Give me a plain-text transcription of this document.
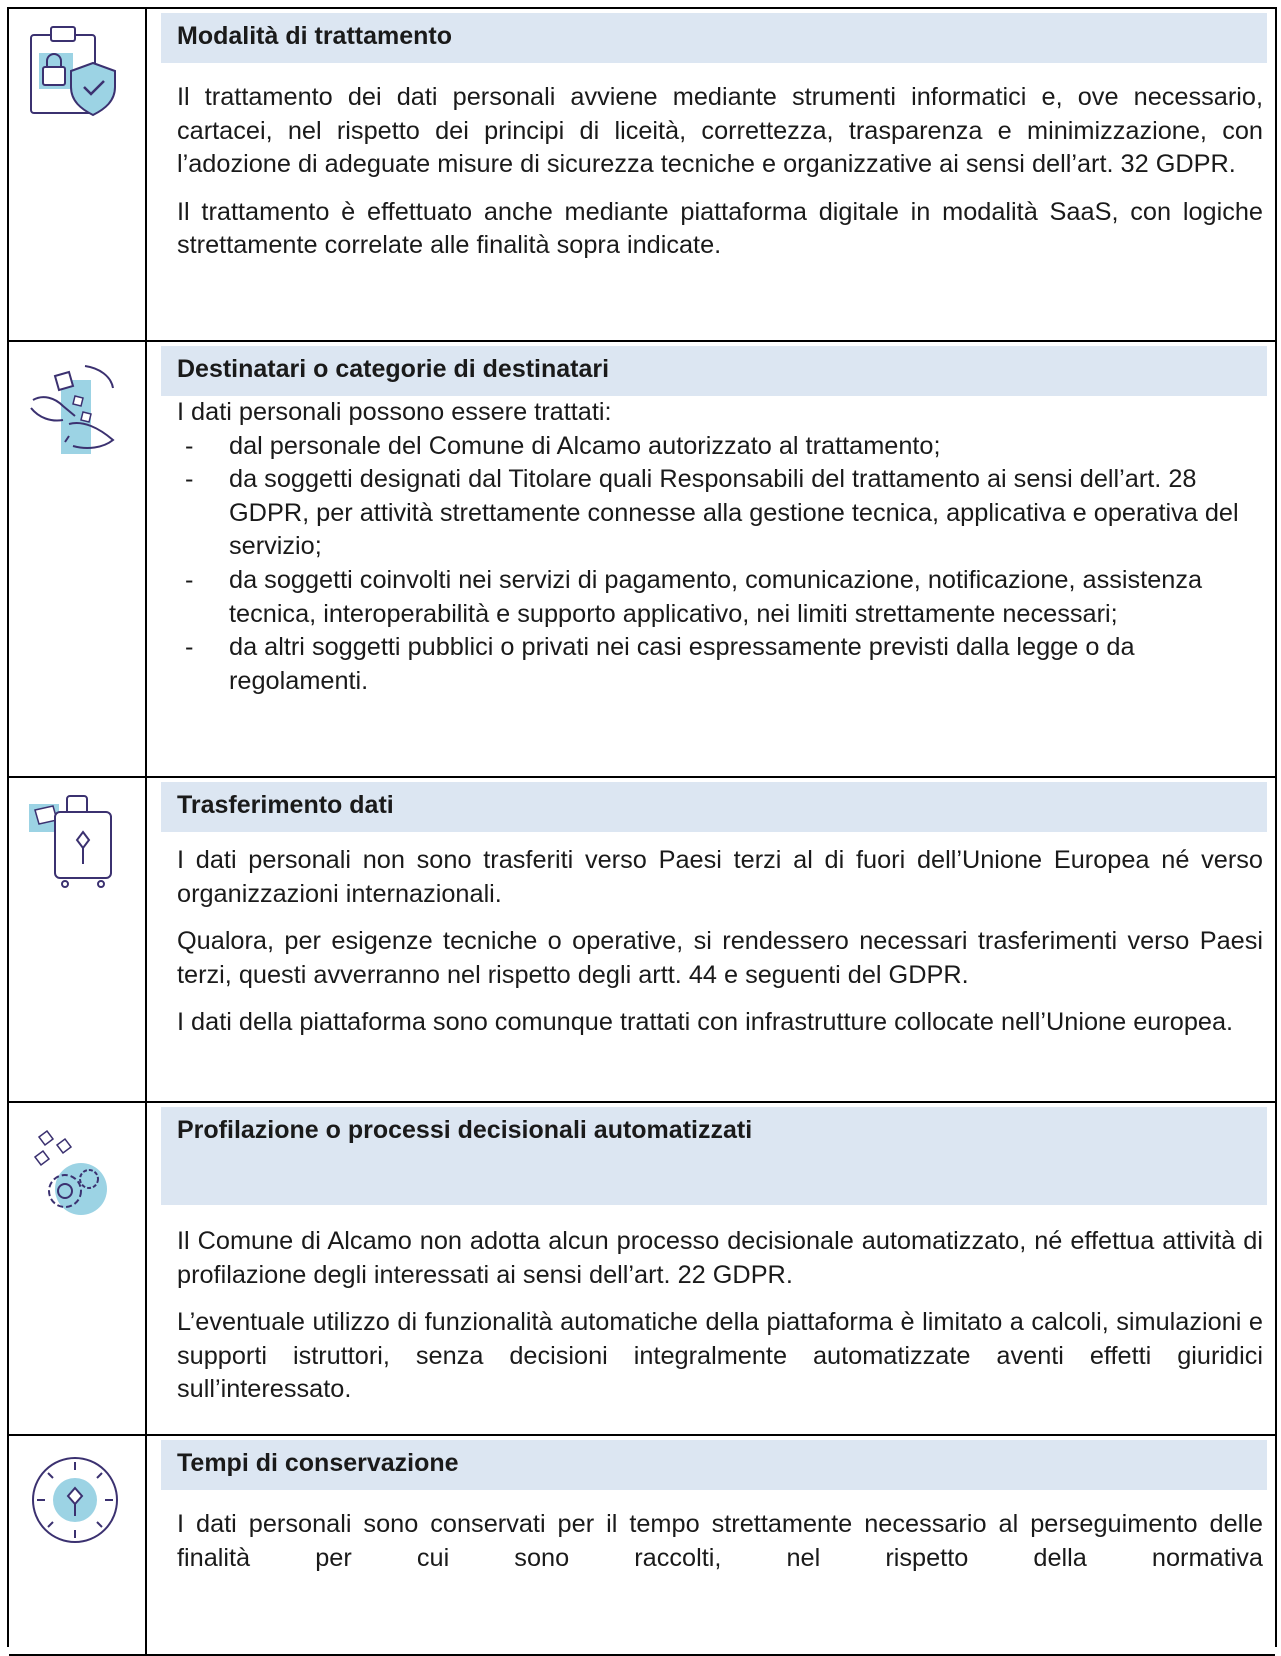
Modalità di trattamento

Il trattamento dei dati personali avviene mediante strumenti informatici e, ove necessario, cartacei, nel rispetto dei principi di liceità, correttezza, trasparenza e minimizzazione, con l’adozione di adeguate misure di sicurezza tecniche e organizzative ai sensi dell’art. 32 GDPR.

Il trattamento è effettuato anche mediante piattaforma digitale in modalità SaaS, con logiche strettamente correlate alle finalità sopra indicate.

Destinatari o categorie di destinatari

I dati personali possono essere trattati:

- dal personale del Comune di Alcamo autorizzato al trattamento;
- da soggetti designati dal Titolare quali Responsabili del trattamento ai sensi dell’art. 28 GDPR, per attività strettamente connesse alla gestione tecnica, applicativa e operativa del servizio;
- da soggetti coinvolti nei servizi di pagamento, comunicazione, notificazione, assistenza tecnica, interoperabilità e supporto applicativo, nei limiti strettamente necessari;
- da altri soggetti pubblici o privati nei casi espressamente previsti dalla legge o da regolamenti.
Trasferimento dati

I dati personali non sono trasferiti verso Paesi terzi al di fuori dell’Unione Europea né verso organizzazioni internazionali.

Qualora, per esigenze tecniche o operative, si rendessero necessari trasferimenti verso Paesi terzi, questi avverranno nel rispetto degli artt. 44 e seguenti del GDPR.

I dati della piattaforma sono comunque trattati con infrastrutture collocate nell’Unione europea.

Profilazione o processi decisionali automatizzati

Il Comune di Alcamo non adotta alcun processo decisionale automatizzato, né effettua attività di profilazione degli interessati ai sensi dell’art. 22 GDPR.

L’eventuale utilizzo di funzionalità automatiche della piattaforma è limitato a calcoli, simulazioni e supporti istruttori, senza decisioni integralmente automatizzate aventi effetti giuridici sull’interessato.

Tempi di conservazione

I dati personali sono conservati per il tempo strettamente necessario al perseguimento delle finalità per cui sono raccolti, nel rispetto della normativa
